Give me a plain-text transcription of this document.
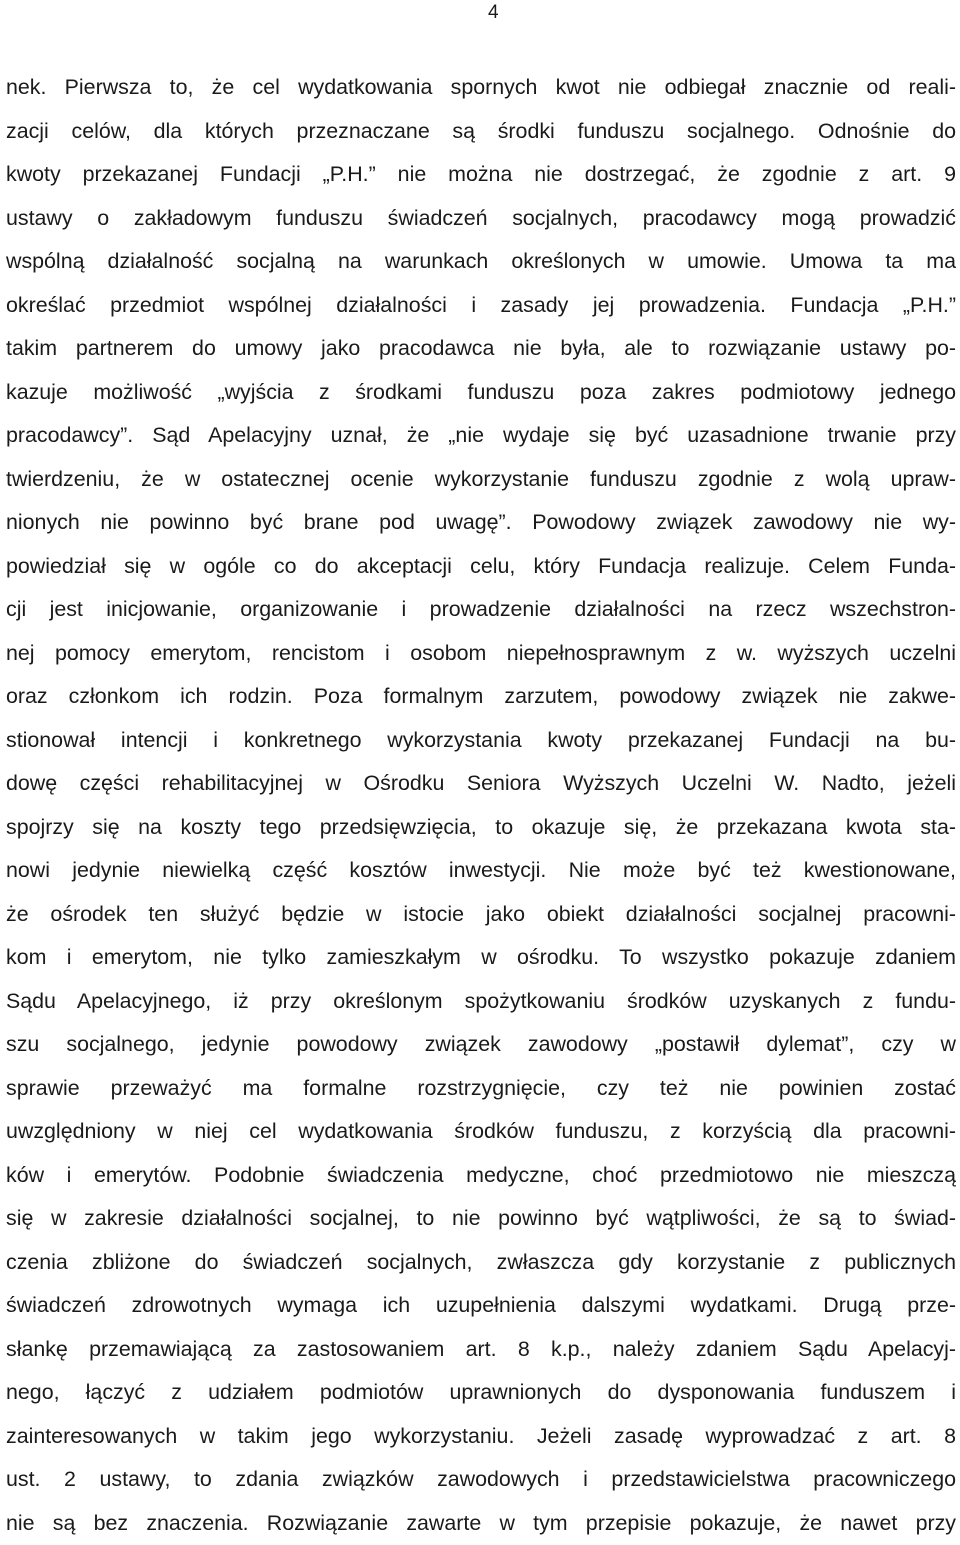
4
nek. Pierwsza to, że cel wydatkowania spornych kwot nie odbiegał znacznie od reali-
zacji celów, dla których przeznaczane są środki funduszu socjalnego. Odnośnie do
kwoty przekazanej Fundacji „P.H.” nie można nie dostrzegać, że zgodnie z art. 9
ustawy o zakładowym funduszu świadczeń socjalnych, pracodawcy mogą prowadzić
wspólną działalność socjalną na warunkach określonych w umowie. Umowa ta ma
określać przedmiot wspólnej działalności i zasady jej prowadzenia. Fundacja „P.H.”
takim partnerem do umowy jako pracodawca nie była, ale to rozwiązanie ustawy po-
kazuje możliwość „wyjścia z środkami funduszu poza zakres podmiotowy jednego
pracodawcy”. Sąd Apelacyjny uznał, że „nie wydaje się być uzasadnione trwanie przy
twierdzeniu, że w ostatecznej ocenie wykorzystanie funduszu zgodnie z wolą upraw-
nionych nie powinno być brane pod uwagę”. Powodowy związek zawodowy nie wy-
powiedział się w ogóle co do akceptacji celu, który Fundacja realizuje. Celem Funda-
cji jest inicjowanie, organizowanie i prowadzenie działalności na rzecz wszechstron-
nej pomocy emerytom, rencistom i osobom niepełnosprawnym z w. wyższych uczelni
oraz członkom ich rodzin. Poza formalnym zarzutem, powodowy związek nie zakwe-
stionował intencji i konkretnego wykorzystania kwoty przekazanej Fundacji na bu-
dowę części rehabilitacyjnej w Ośrodku Seniora Wyższych Uczelni W. Nadto, jeżeli
spojrzy się na koszty tego przedsięwzięcia, to okazuje się, że przekazana kwota sta-
nowi jedynie niewielką część kosztów inwestycji. Nie może być też kwestionowane,
że ośrodek ten służyć będzie w istocie jako obiekt działalności socjalnej pracowni-
kom i emerytom, nie tylko zamieszkałym w ośrodku. To wszystko pokazuje zdaniem
Sądu Apelacyjnego, iż przy określonym spożytkowaniu środków uzyskanych z fundu-
szu socjalnego, jedynie powodowy związek zawodowy „postawił dylemat”, czy w
sprawie przeważyć ma formalne rozstrzygnięcie, czy też nie powinien zostać
uwzględniony w niej cel wydatkowania środków funduszu, z korzyścią dla pracowni-
ków i emerytów. Podobnie świadczenia medyczne, choć przedmiotowo nie mieszczą
się w zakresie działalności socjalnej, to nie powinno być wątpliwości, że są to świad-
czenia zbliżone do świadczeń socjalnych, zwłaszcza gdy korzystanie z publicznych
świadczeń zdrowotnych wymaga ich uzupełnienia dalszymi wydatkami. Drugą prze-
słankę przemawiającą za zastosowaniem art. 8 k.p., należy zdaniem Sądu Apelacyj-
nego, łączyć z udziałem podmiotów uprawnionych do dysponowania funduszem i
zainteresowanych w takim jego wykorzystaniu. Jeżeli zasadę wyprowadzać z art. 8
ust. 2 ustawy, to zdania związków zawodowych i przedstawicielstwa pracowniczego
nie są bez znaczenia. Rozwiązanie zawarte w tym przepisie pokazuje, że nawet przy
